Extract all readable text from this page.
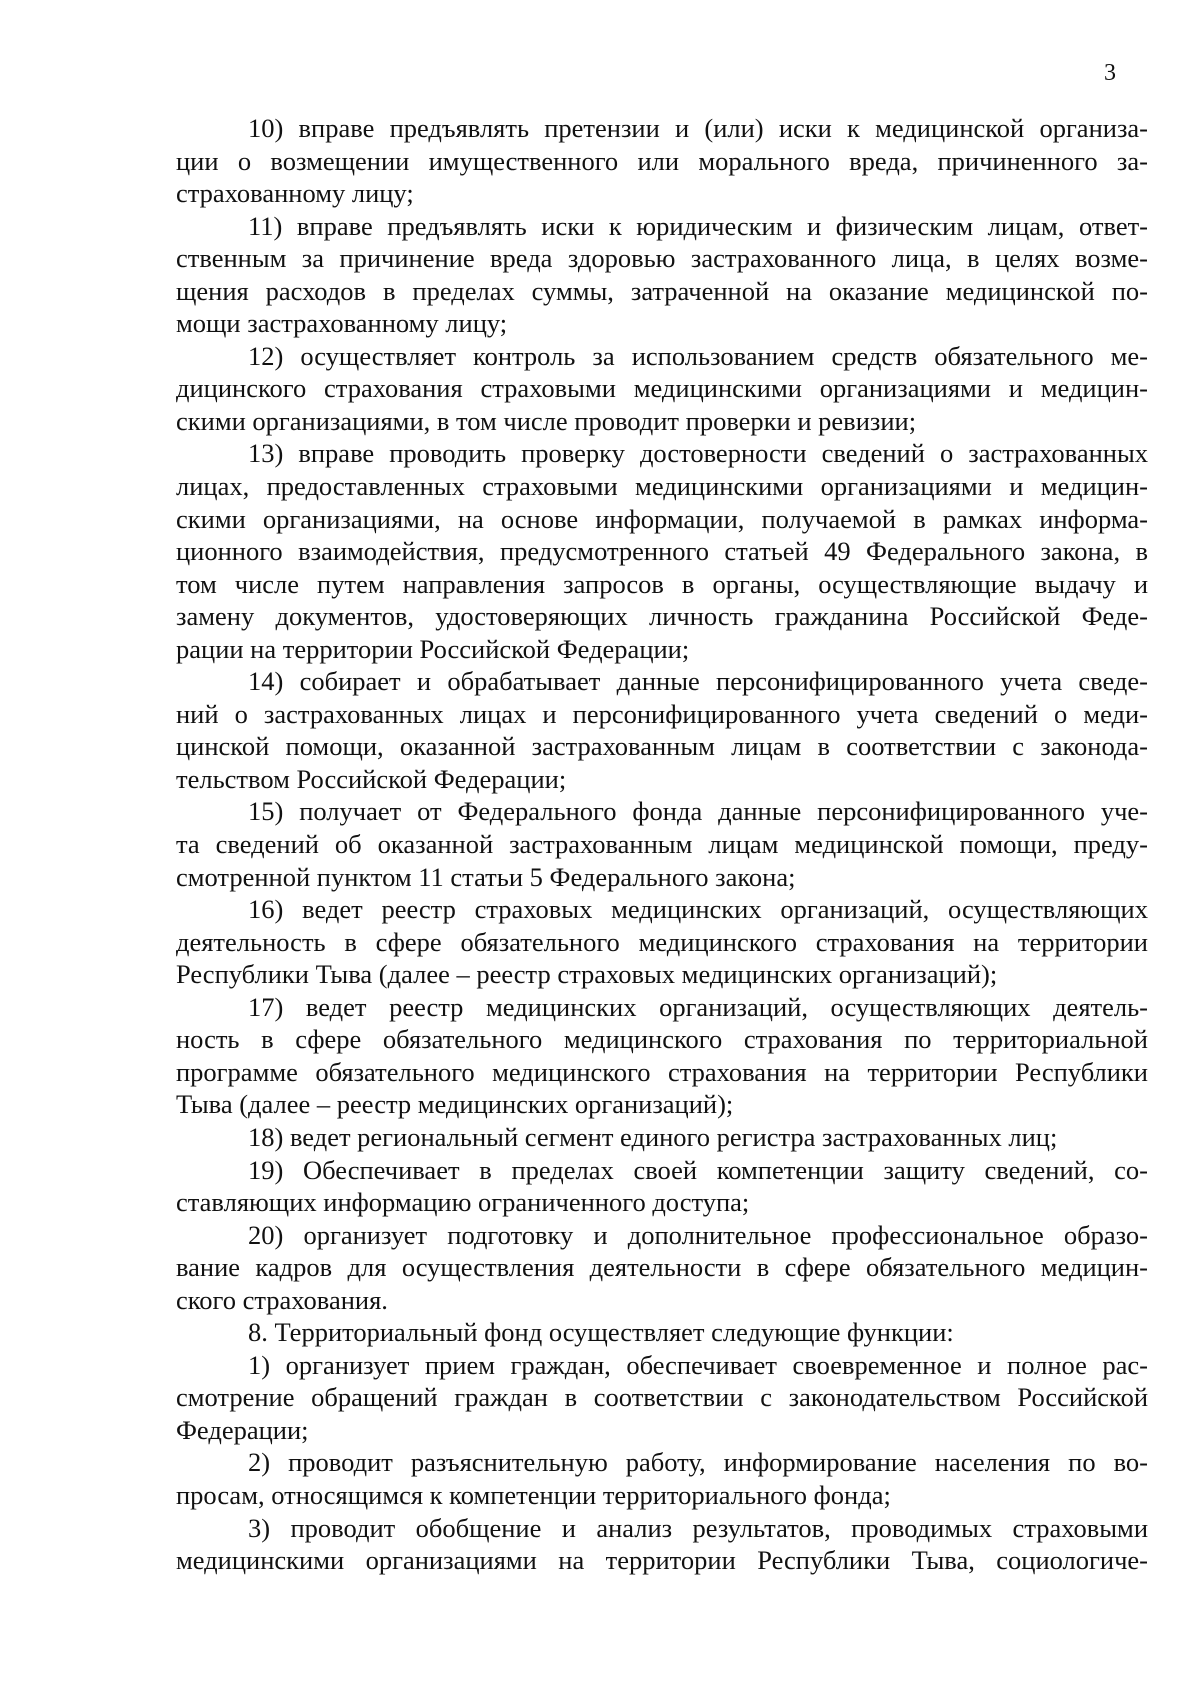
3

10) вправе предъявлять претензии и (или) иски к медицинской организа-
ции о возмещении имущественного или морального вреда, причиненного за-
страхованному лицу;

11) вправе предъявлять иски к юридическим и физическим лицам, ответ-
ственным за причинение вреда здоровью застрахованного лица, в целях возме-
щения расходов в пределах суммы, затраченной на оказание медицинской по-
мощи застрахованному лицу;

12) осуществляет контроль за использованием средств обязательного ме-
дицинского страхования страховыми медицинскими организациями и медицин-
скими организациями, в том числе проводит проверки и ревизии;

13) вправе проводить проверку достоверности сведений о застрахованных
лицах, предоставленных страховыми медицинскими организациями и медицин-
скими организациями, на основе информации, получаемой в рамках информа-
ционного взаимодействия, предусмотренного статьей 49 Федерального закона, в
том числе путем направления запросов в органы, осуществляющие выдачу и
замену документов, удостоверяющих личность гражданина Российской Феде-
рации на территории Российской Федерации;

14) собирает и обрабатывает данные персонифицированного учета сведе-
ний о застрахованных лицах и персонифицированного учета сведений о меди-
цинской помощи, оказанной застрахованным лицам в соответствии с законода-
тельством Российской Федерации;

15) получает от Федерального фонда данные персонифицированного уче-
та сведений об оказанной застрахованным лицам медицинской помощи, преду-
смотренной пунктом 11 статьи 5 Федерального закона;

16) ведет реестр страховых медицинских организаций, осуществляющих
деятельность в сфере обязательного медицинского страхования на территории
Республики Тыва (далее – реестр страховых медицинских организаций);

17) ведет реестр медицинских организаций, осуществляющих деятель-
ность в сфере обязательного медицинского страхования по территориальной
программе обязательного медицинского страхования на территории Республики
Тыва (далее – реестр медицинских организаций);

18) ведет региональный сегмент единого регистра застрахованных лиц;

19) Обеспечивает в пределах своей компетенции защиту сведений, со-
ставляющих информацию ограниченного доступа;

20) организует подготовку и дополнительное профессиональное образо-
вание кадров для осуществления деятельности в сфере обязательного медицин-
ского страхования.

8. Территориальный фонд осуществляет следующие функции:

1) организует прием граждан, обеспечивает своевременное и полное рас-
смотрение обращений граждан в соответствии с законодательством Российской
Федерации;

2) проводит разъяснительную работу, информирование населения по во-
просам, относящимся к компетенции территориального фонда;

3) проводит обобщение и анализ результатов, проводимых страховыми
медицинскими организациями на территории Республики Тыва, социологиче-
